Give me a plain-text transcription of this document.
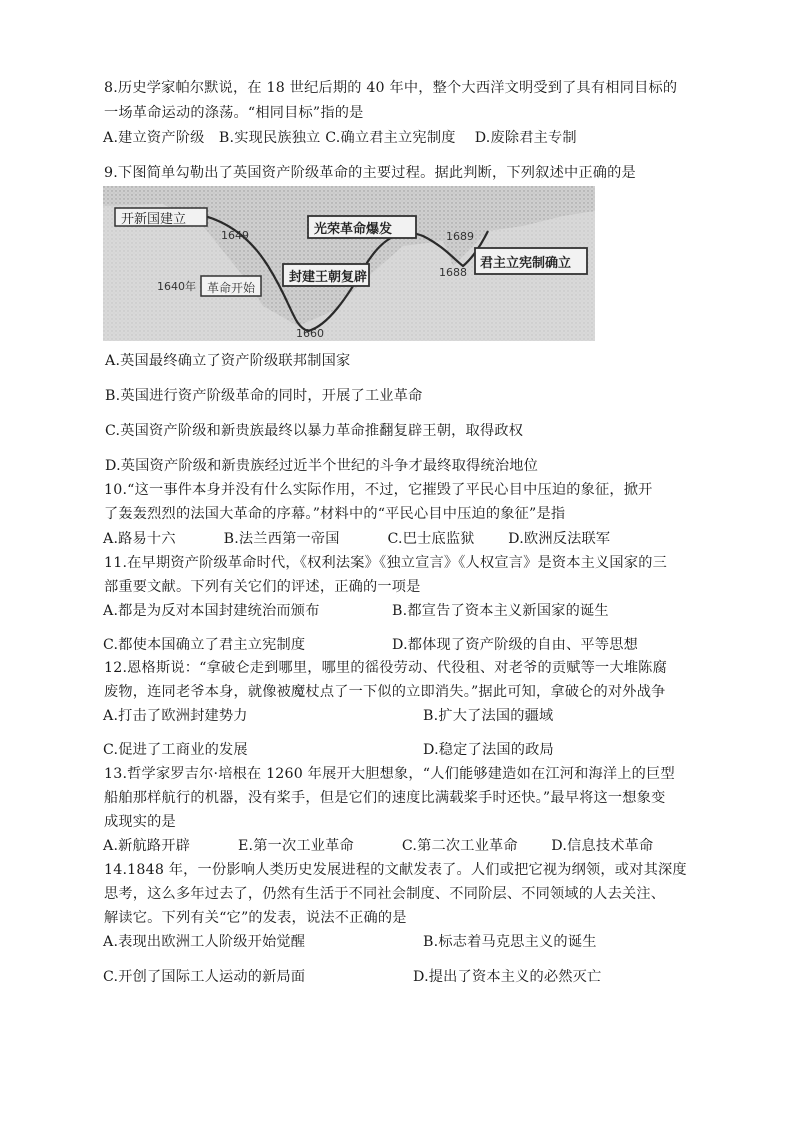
8.历史学家帕尔默说，在 18 世纪后期的 40 年中，整个大西洋文明受到了具有相同目标的
一场革命运动的涤荡。“相同目标”指的是
A.建立资产阶级　B.实现民族独立 C.确立君主立宪制度　 D.废除君主专制
9.下图简单勾勒出了英国资产阶级革命的主要过程。据此判断，下列叙述中正确的是
开新国建立
1649
革命开始
1640年
封建王朝复辟
1660
光荣革命爆发	1689
1688
君主立宪制确立
A.英国最终确立了资产阶级联邦制国家
B.英国进行资产阶级革命的同时，开展了工业革命
C.英国资产阶级和新贵族最终以暴力革命推翻复辟王朝，取得政权
D.英国资产阶级和新贵族经过近半个世纪的斗争才最终取得统治地位
10.“这一事件本身并没有什么实际作用，不过，它摧毁了平民心目中压迫的象征，掀开
了轰轰烈烈的法国大革命的序幕。”材料中的“平民心目中压迫的象征”是指
A.路易十六　　　 B.法兰西第一帝国　　　 C.巴士底监狱　　 D.欧洲反法联军
11.在早期资产阶级革命时代，《权利法案》《独立宣言》《人权宣言》是资本主义国家的三
部重要文献。下列有关它们的评述，正确的一项是
A.都是为反对本国封建统治而颁布	B.都宣告了资本主义新国家的诞生
C.都使本国确立了君主立宪制度	D.都体现了资产阶级的自由、平等思想
12.恩格斯说：“拿破仑走到哪里，哪里的徭役劳动、代役租、对老爷的贡赋等一大堆陈腐
废物，连同老爷本身，就像被魔杖点了一下似的立即消失。”据此可知，拿破仑的对外战争
A.打击了欧洲封建势力	B.扩大了法国的疆域
C.促进了工商业的发展	D.稳定了法国的政局
13.哲学家罗吉尔·培根在 1260 年展开大胆想象，“人们能够建造如在江河和海洋上的巨型
船舶那样航行的机器，没有桨手，但是它们的速度比满载桨手时还快。”最早将这一想象变
成现实的是
A.新航路开辟　　　 E.第一次工业革命　　　 C.第二次工业革命　　 D.信息技术革命
14.1848 年，一份影响人类历史发展进程的文献发表了。人们或把它视为纲领，或对其深度
思考，这么多年过去了，仍然有生活于不同社会制度、不同阶层、不同领域的人去关注、
解读它。下列有关“它”的发表，说法不正确的是
A.表现出欧洲工人阶级开始觉醒	B.标志着马克思主义的诞生
C.开创了国际工人运动的新局面	D.提出了资本主义的必然灭亡
